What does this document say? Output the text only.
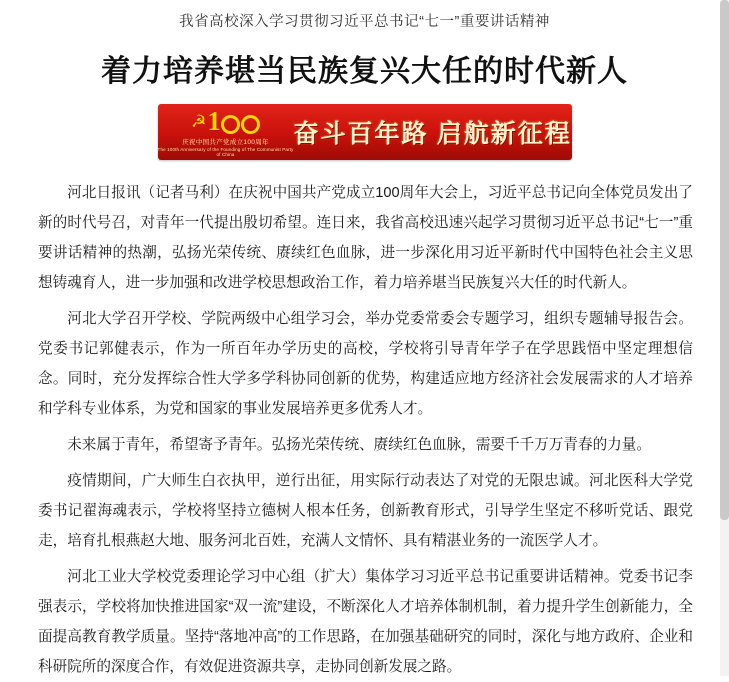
我省高校深入学习贯彻习近平总书记“七一”重要讲话精神
着力培养堪当民族复兴大任的时代新人
☭ 1
庆祝中国共产党成立100周年
The 100th Anniversary of the Founding of The Communist Party of China
奋斗百年路 启航新征程

河北日报讯（记者马利）在庆祝中国共产党成立100周年大会上，习近平总书记向全体党员发出了新的时代号召，对青年一代提出殷切希望。连日来，我省高校迅速兴起学习贯彻习近平总书记“七一”重要讲话精神的热潮，弘扬光荣传统、赓续红色血脉，进一步深化用习近平新时代中国特色社会主义思想铸魂育人，进一步加强和改进学校思想政治工作，着力培养堪当民族复兴大任的时代新人。

河北大学召开学校、学院两级中心组学习会，举办党委常委会专题学习，组织专题辅导报告会。党委书记郭健表示，作为一所百年办学历史的高校，学校将引导青年学子在学思践悟中坚定理想信念。同时，充分发挥综合性大学多学科协同创新的优势，构建适应地方经济社会发展需求的人才培养和学科专业体系，为党和国家的事业发展培养更多优秀人才。

未来属于青年，希望寄予青年。弘扬光荣传统、赓续红色血脉，需要千千万万青春的力量。

疫情期间，广大师生白衣执甲，逆行出征，用实际行动表达了对党的无限忠诚。河北医科大学党委书记翟海魂表示，学校将坚持立德树人根本任务，创新教育形式，引导学生坚定不移听党话、跟党走，培育扎根燕赵大地、服务河北百姓，充满人文情怀、具有精湛业务的一流医学人才。

河北工业大学校党委理论学习中心组（扩大）集体学习习近平总书记重要讲话精神。党委书记李强表示，学校将加快推进国家“双一流”建设，不断深化人才培养体制机制，着力提升学生创新能力，全面提高教育教学质量。坚持“落地冲高”的工作思路，在加强基础研究的同时，深化与地方政府、企业和科研院所的深度合作，有效促进资源共享，走协同创新发展之路。
